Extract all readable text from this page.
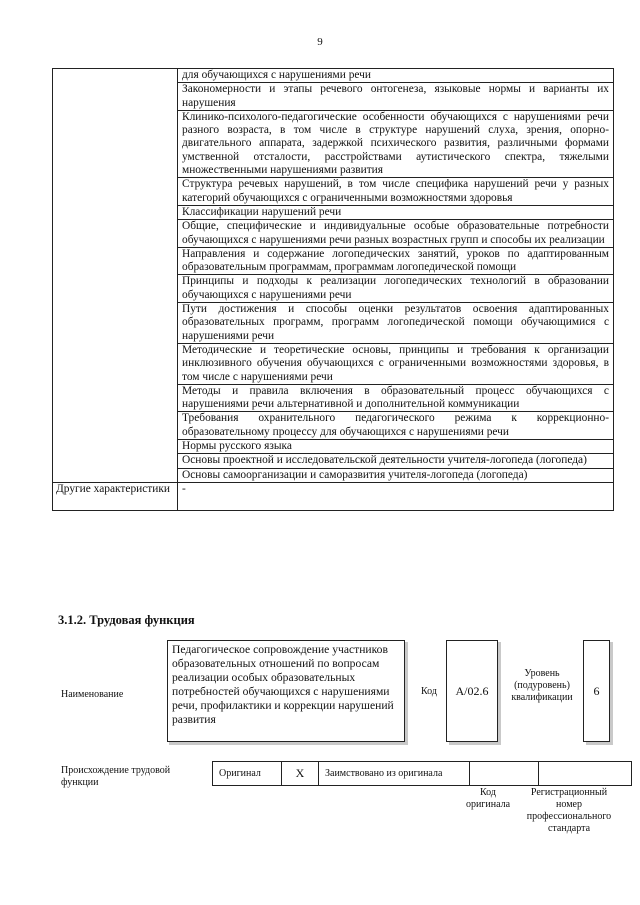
9
	для обучающихся с нарушениями речи
	Закономерности и этапы речевого онтогенеза, языковые нормы и варианты их нарушения
	Клинико-психолого-педагогические особенности обучающихся с нарушениями речи разного возраста, в том числе в структуре нарушений слуха, зрения, опорно-двигательного аппарата, задержкой психического развития, различными формами умственной отсталости, расстройствами аутистического спектра, тяжелыми множественными нарушениями развития
	Структура речевых нарушений, в том числе специфика нарушений речи у разных категорий обучающихся с ограниченными возможностями здоровья
	Классификации нарушений речи
	Общие, специфические и индивидуальные особые образовательные потребности обучающихся с нарушениями речи разных возрастных групп и способы их реализации
	Направления и содержание логопедических занятий, уроков по адаптированным образовательным программам, программам логопедической помощи
	Принципы и подходы к реализации логопедических технологий в образовании обучающихся с нарушениями речи
	Пути достижения и способы оценки результатов освоения адаптированных образовательных программ, программ логопедической помощи обучающимися с нарушениями речи
	Методические и теоретические основы, принципы и требования к организации инклюзивного обучения обучающихся с ограниченными возможностями здоровья, в том числе с нарушениями речи
	Методы и правила включения в образовательный процесс обучающихся с нарушениями речи альтернативной и дополнительной коммуникации
	Требования охранительного педагогического режима к коррекционно-образовательному процессу для обучающихся с нарушениями речи
	Нормы русского языка
	Основы проектной и исследовательской деятельности учителя-логопеда (логопеда)
	Основы самоорганизации и саморазвития учителя-логопеда (логопеда)
Другие характеристики	-
3.1.2. Трудовая функция
Наименование
Педагогическое сопровождение участников образовательных отношений по вопросам реализации особых образовательных потребностей обучающихся с нарушениями речи, профилактики и коррекции нарушений развития
Код	A/02.6
Уровень (подуровень) квалификации	6
Происхождение трудовой функции
Оригинал	X	Заимствовано из оригинала		
Код оригинала
Регистрационный номер профессионального стандарта
